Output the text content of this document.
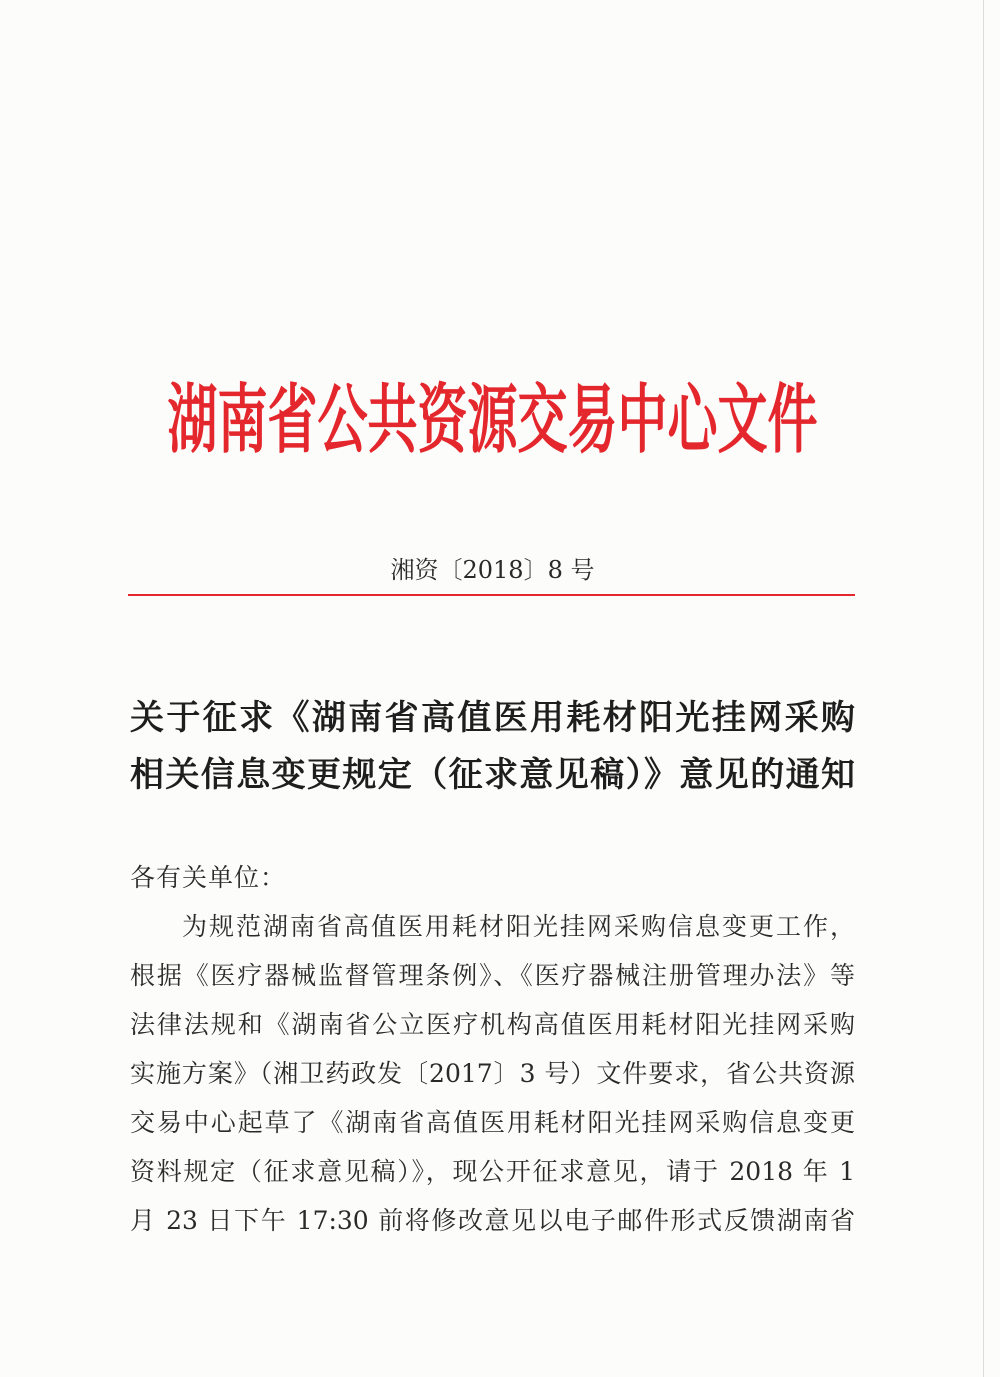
湖南省公共资源交易中心文件
湘资〔2018〕8 号
关于征求《湖南省高值医用耗材阳光挂网采购
相关信息变更规定（征求意见稿）》意见的通知
各有关单位：
为规范湖南省高值医用耗材阳光挂网采购信息变更工作，
根据《医疗器械监督管理条例》、《医疗器械注册管理办法》等
法律法规和《湖南省公立医疗机构高值医用耗材阳光挂网采购
实施方案》（湘卫药政发〔2017〕3 号）文件要求，省公共资源
交易中心起草了《湖南省高值医用耗材阳光挂网采购信息变更
资料规定（征求意见稿）》，现公开征求意见，请于 2018 年 1
月 23 日下午 17:30 前将修改意见以电子邮件形式反馈湖南省
